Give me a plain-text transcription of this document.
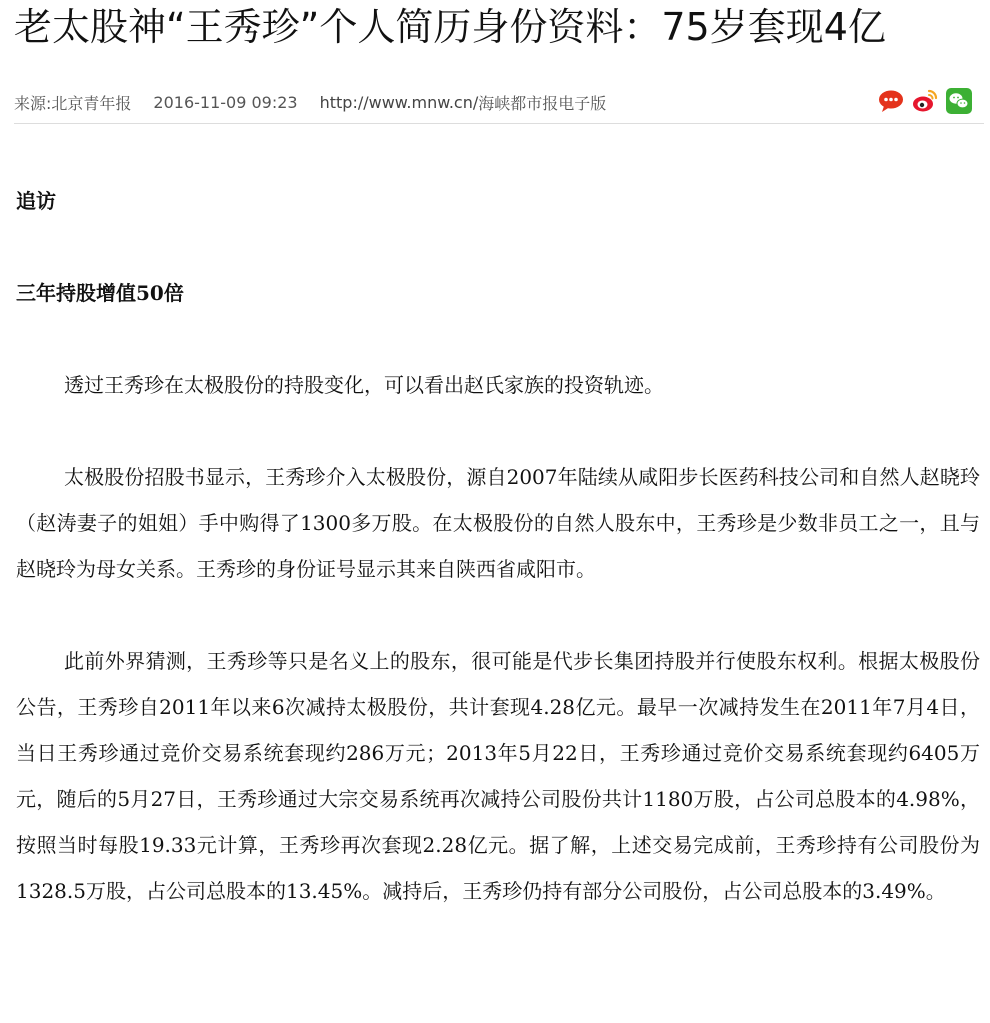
老太股神“王秀珍”个人简历身份资料：75岁套现4亿
来源:北京青年报 2016-11-09 09:23 http://www.mnw.cn/ 海峡都市报电子版
追访
三年持股增值50倍

透过王秀珍在太极股份的持股变化，可以看出赵氏家族的投资轨迹。

太极股份招股书显示，王秀珍介入太极股份，源自2007年陆续从咸阳步长医药科技公司和自然人赵晓玲（赵涛妻子的姐姐）手中购得了1300多万股。在太极股份的自然人股东中，王秀珍是少数非员工之一，且与赵晓玲为母女关系。王秀珍的身份证号显示其来自陕西省咸阳市。

此前外界猜测，王秀珍等只是名义上的股东，很可能是代步长集团持股并行使股东权利。根据太极股份公告，王秀珍自2011年以来6次减持太极股份，共计套现4.28亿元。最早一次减持发生在2011年7月4日，当日王秀珍通过竞价交易系统套现约286万元；2013年5月22日，王秀珍通过竞价交易系统套现约6405万元，随后的5月27日，王秀珍通过大宗交易系统再次减持公司股份共计1180万股，占公司总股本的4.98%，按照当时每股19.33元计算，王秀珍再次套现2.28亿元。据了解，上述交易完成前，王秀珍持有公司股份为1328.5万股，占公司总股本的13.45%。减持后，王秀珍仍持有部分公司股份，占公司总股本的3.49%。
